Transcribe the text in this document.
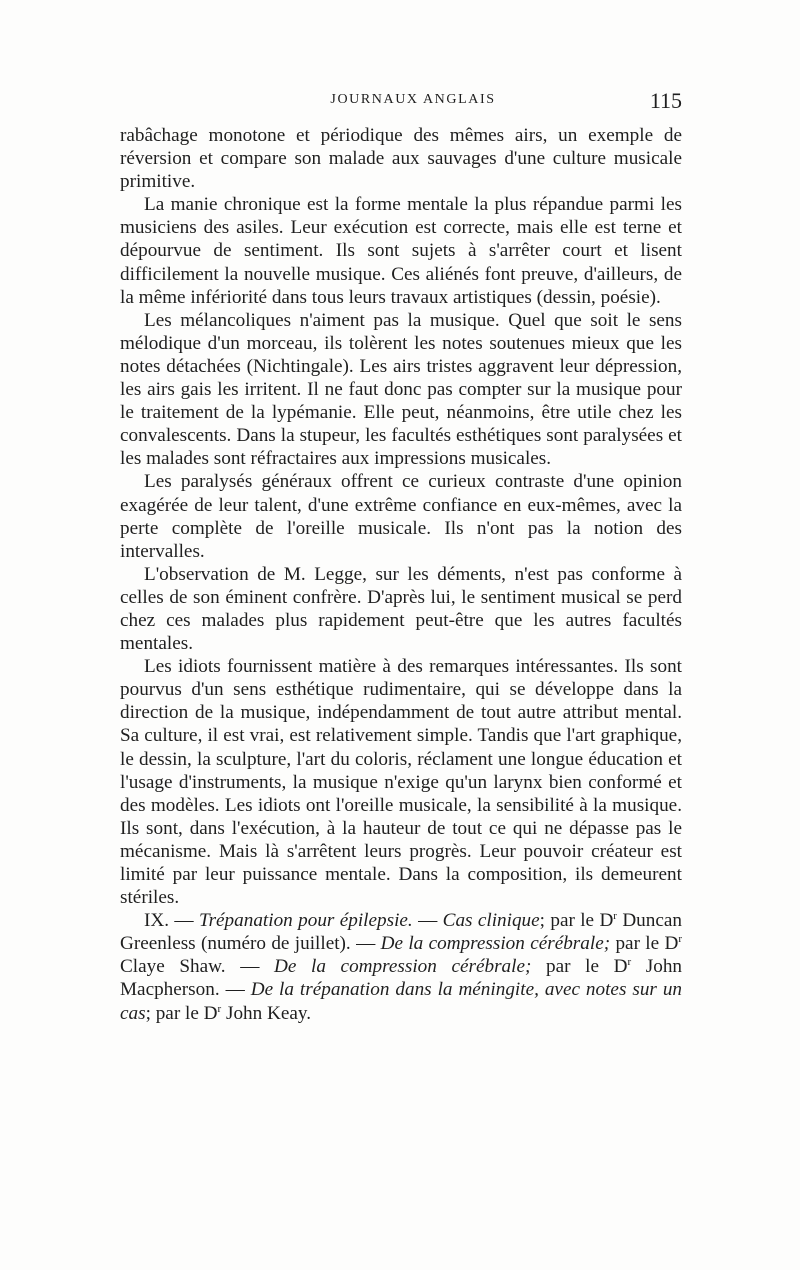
JOURNAUX ANGLAIS	115

rabâchage monotone et périodique des mêmes airs, un exemple de réversion et compare son malade aux sauvages d'une culture musicale primitive.

La manie chronique est la forme mentale la plus répandue parmi les musiciens des asiles. Leur exécution est correcte, mais elle est terne et dépourvue de sentiment. Ils sont sujets à s'arrêter court et lisent difficilement la nouvelle musique. Ces aliénés font preuve, d'ailleurs, de la même infériorité dans tous leurs travaux artistiques (dessin, poésie).

Les mélancoliques n'aiment pas la musique. Quel que soit le sens mélodique d'un morceau, ils tolèrent les notes soutenues mieux que les notes détachées (Nichtingale). Les airs tristes aggravent leur dépression, les airs gais les irritent. Il ne faut donc pas compter sur la musique pour le traitement de la lypémanie. Elle peut, néanmoins, être utile chez les convalescents. Dans la stupeur, les facultés esthétiques sont paralysées et les malades sont réfractaires aux impressions musicales.

Les paralysés généraux offrent ce curieux contraste d'une opinion exagérée de leur talent, d'une extrême confiance en eux-mêmes, avec la perte complète de l'oreille musicale. Ils n'ont pas la notion des intervalles.

L'observation de M. Legge, sur les déments, n'est pas conforme à celles de son éminent confrère. D'après lui, le sentiment musical se perd chez ces malades plus rapidement peut-être que les autres facultés mentales.

Les idiots fournissent matière à des remarques intéressantes. Ils sont pourvus d'un sens esthétique rudimentaire, qui se développe dans la direction de la musique, indépendamment de tout autre attribut mental. Sa culture, il est vrai, est relativement simple. Tandis que l'art graphique, le dessin, la sculpture, l'art du coloris, réclament une longue éducation et l'usage d'instruments, la musique n'exige qu'un larynx bien conformé et des modèles. Les idiots ont l'oreille musicale, la sensibilité à la musique. Ils sont, dans l'exécution, à la hauteur de tout ce qui ne dépasse pas le mécanisme. Mais là s'arrêtent leurs progrès. Leur pouvoir créateur est limité par leur puissance mentale. Dans la composition, ils demeurent stériles.

IX. — Trépanation pour épilepsie. — Cas clinique; par le $D^r$ Duncan Greenless (numéro de juillet). — De la compression cérébrale; par le $D^r$ Claye Shaw. — De la compression cérébrale; par le $D^r$ John Macpherson. — De la trépanation dans la méningite, avec notes sur un cas; par le $D^r$ John Keay.
